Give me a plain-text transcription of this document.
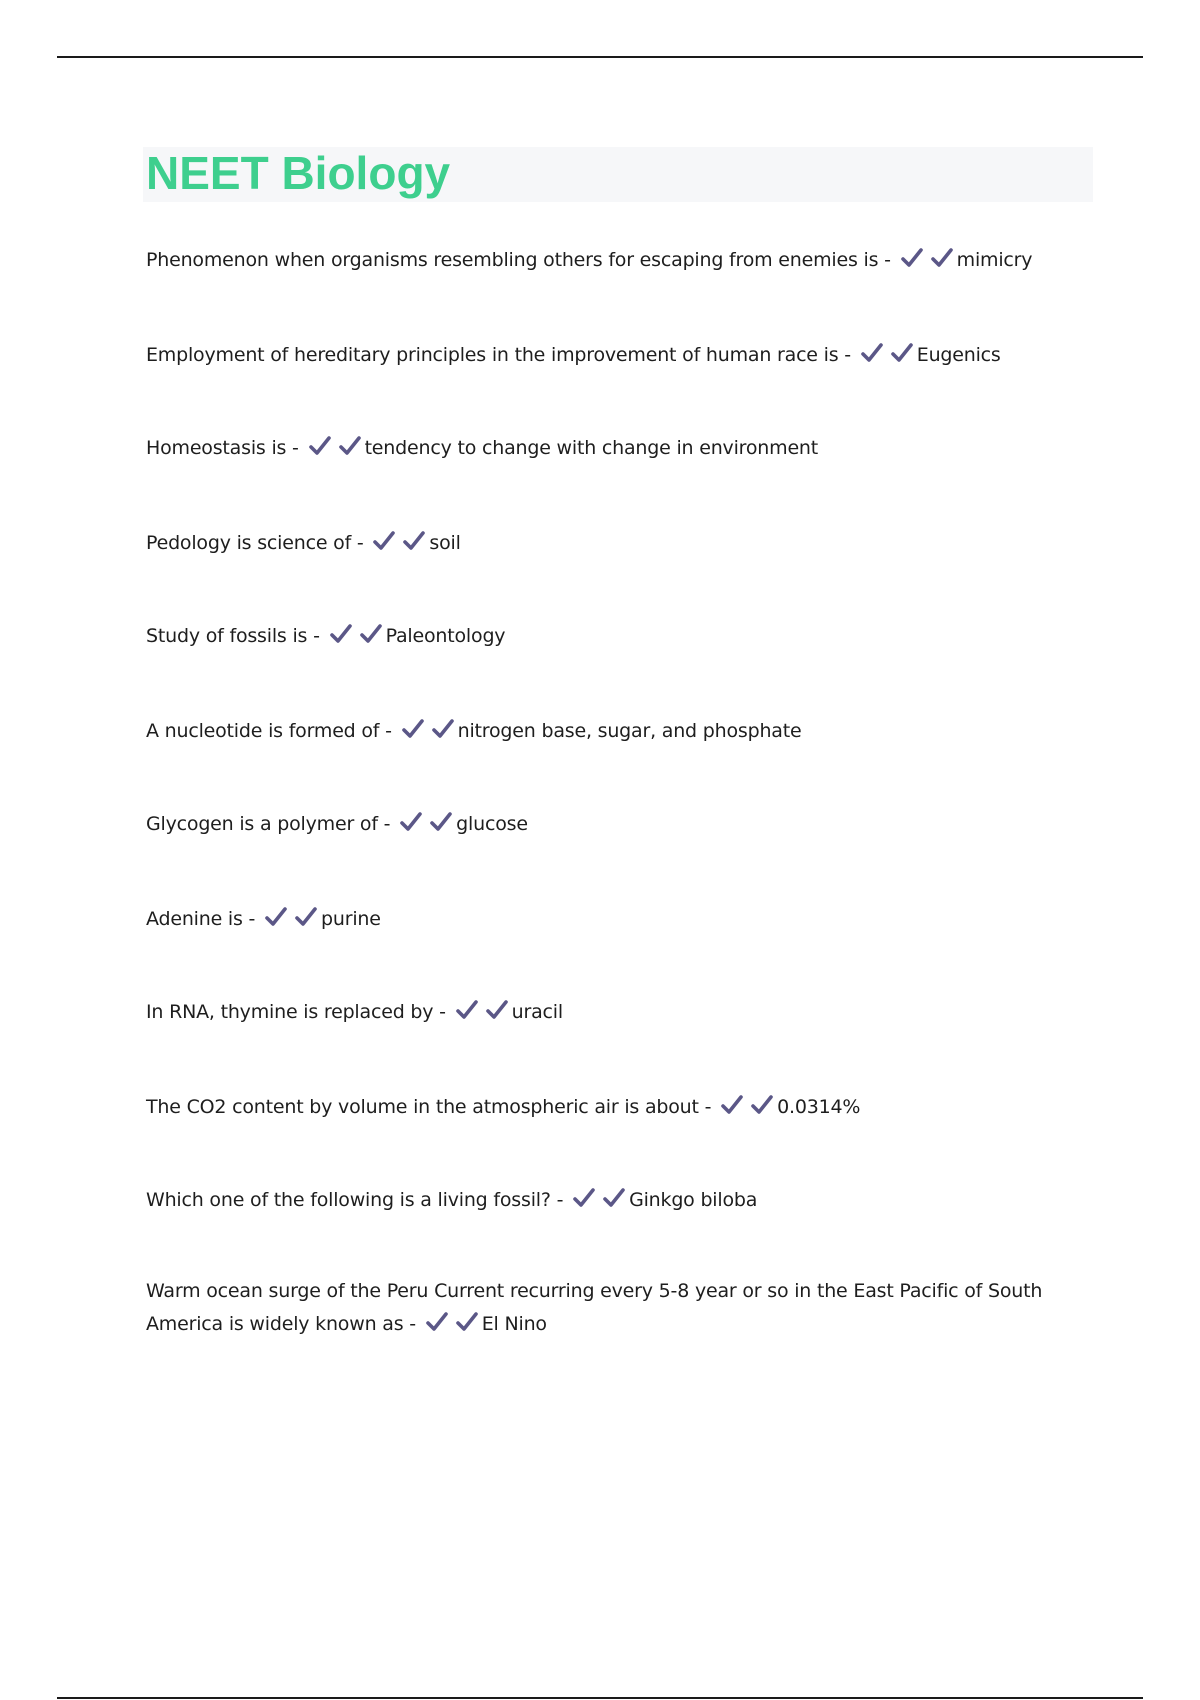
NEET Biology

Phenomenon when organisms resembling others for escaping from enemies is -	mimicry

Employment of hereditary principles in the improvement of human race is -	Eugenics

Homeostasis is -	tendency to change with change in environment

Pedology is science of -	soil

Study of fossils is -	Paleontology

A nucleotide is formed of -	nitrogen base, sugar, and phosphate

Glycogen is a polymer of -	glucose

Adenine is -	purine

In RNA, thymine is replaced by -	uracil

The CO2 content by volume in the atmospheric air is about -	0.0314%

Which one of the following is a living fossil? -	Ginkgo biloba

Warm ocean surge of the Peru Current recurring every 5-8 year or so in the East Pacific of South America is widely known as -	El Nino
